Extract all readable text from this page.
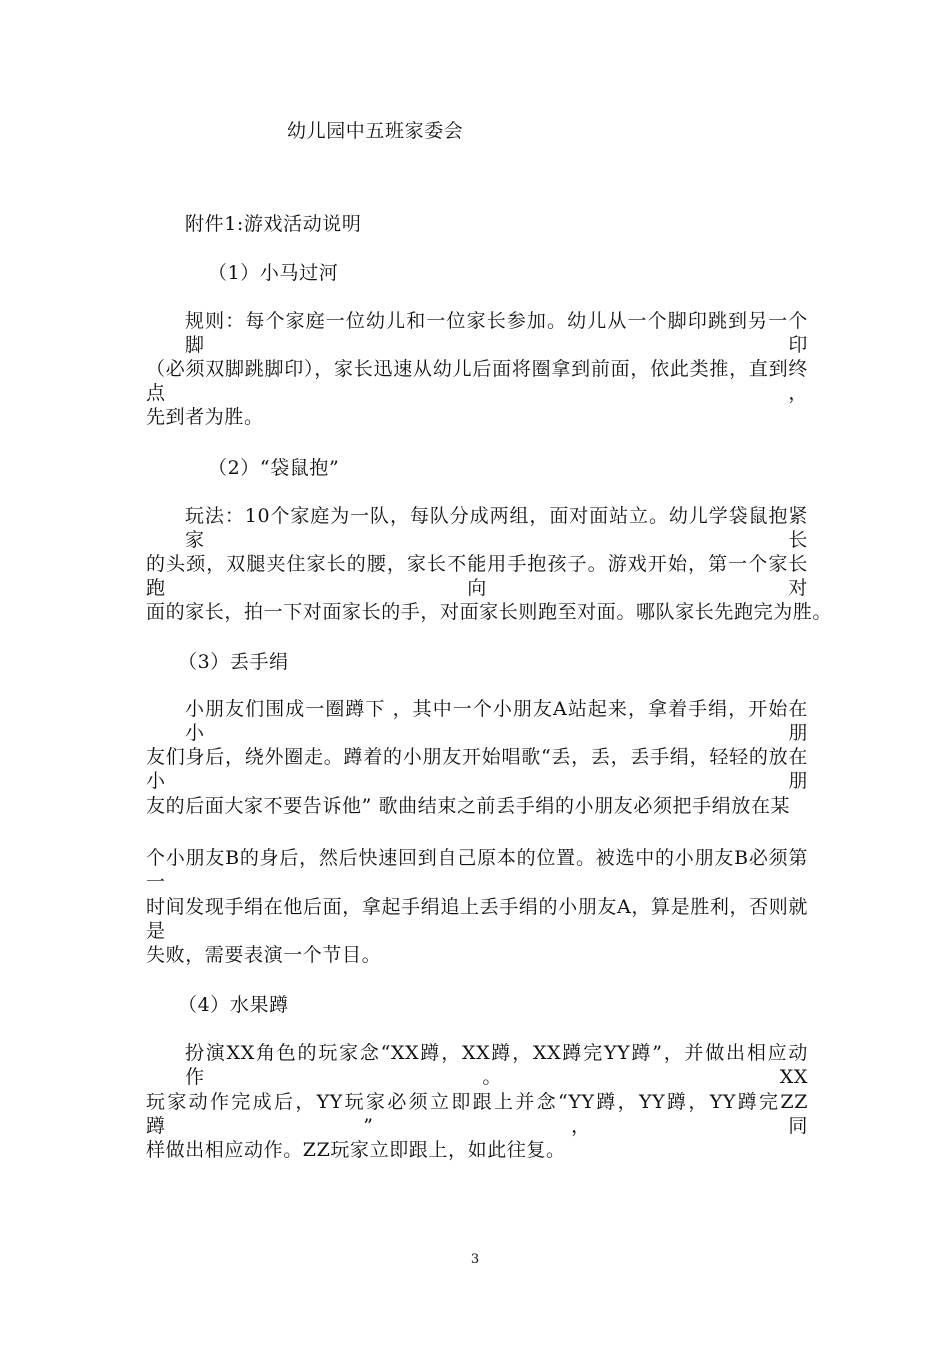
幼儿园中五班家委会
附件1:游戏活动说明
（1）小马过河
规则：每个家庭一位幼儿和一位家长参加。幼儿从一个脚印跳到另一个脚印
（必须双脚跳脚印），家长迅速从幼儿后面将圈拿到前面，依此类推，直到终点，
先到者为胜。
（2）“袋鼠抱”
玩法：10个家庭为一队，每队分成两组，面对面站立。幼儿学袋鼠抱紧家长
的头颈，双腿夹住家长的腰，家长不能用手抱孩子。游戏开始，第一个家长跑向对
面的家长，拍一下对面家长的手，对面家长则跑至对面。哪队家长先跑完为胜。
（3）丢手绢
小朋友们围成一圈蹲下 ，其中一个小朋友A站起来，拿着手绢，开始在小朋
友们身后，绕外圈走。蹲着的小朋友开始唱歌“丢，丢，丢手绢，轻轻的放在小朋
友的后面大家不要告诉他” 歌曲结束之前丢手绢的小朋友必须把手绢放在某
个小朋友B的身后，然后快速回到自己原本的位置。被选中的小朋友B必须第一
时间发现手绢在他后面，拿起手绢追上丢手绢的小朋友A，算是胜利，否则就是
失败，需要表演一个节目。
（4）水果蹲
扮演XX角色的玩家念“XX蹲，XX蹲，XX蹲完YY蹲”，并做出相应动作。XX
玩家动作完成后，YY玩家必须立即跟上并念“YY蹲，YY蹲，YY蹲完ZZ蹲”，同
样做出相应动作。ZZ玩家立即跟上，如此往复。
3
